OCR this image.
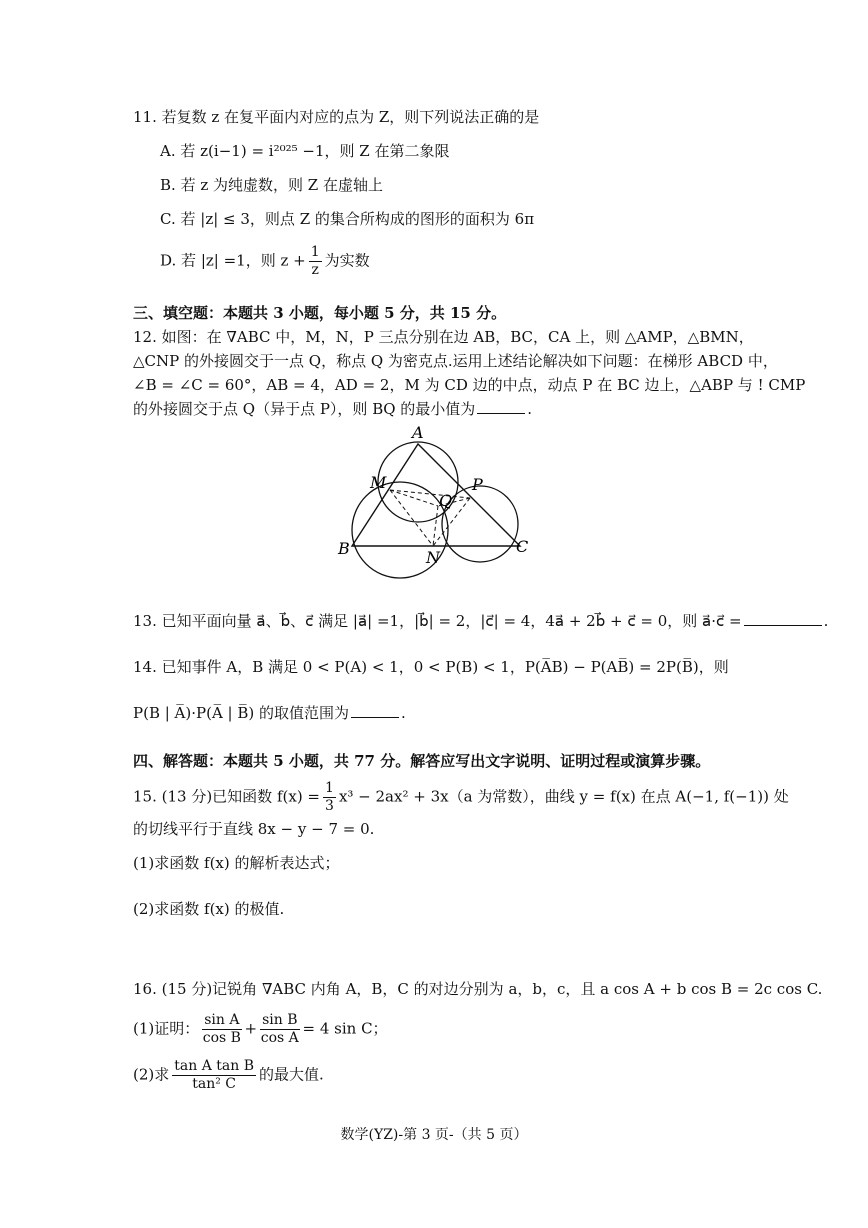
11. 若复数 z 在复平面内对应的点为 Z，则下列说法正确的是
A. 若 z(i−1) = i²⁰²⁵ −1，则 Z 在第二象限
B. 若 z 为纯虚数，则 Z 在虚轴上
C. 若 |z| ≤ 3，则点 Z 的集合所构成的图形的面积为 6π
D. 若 |z| =1，则 $z + \frac{1}{z}$ 为实数
三、填空题：本题共 3 小题，每小题 5 分，共 15 分。
12. 如图：在 ∇ABC 中，M，N，P 三点分别在边 AB，BC，CA 上，则 △AMP，△BMN，
△CNP 的外接圆交于一点 Q，称点 Q 为密克点.运用上述结论解决如下问题：在梯形 ABCD 中，
∠B = ∠C = 60°，AB = 4，AD = 2，M 为 CD 边的中点，动点 P 在 BC 边上，△ABP 与 ! CMP
的外接圆交于点 Q（异于点 P），则 BQ 的最小值为	.
A
M	P
Q
B	N
C
13. 已知平面向量 a⃗、b⃗、c⃗ 满足 |a⃗| =1，|b⃗| = 2，|c⃗| = 4，4a⃗ + 2b⃗ + c⃗ = 0，则 a⃗·c⃗ =	.
14. 已知事件 A，B 满足 0 < P(A) < 1，0 < P(B) < 1，P(A̅B) − P(AB̅) = 2P(B̅)，则
P(B | A̅)·P(A̅ | B̅) 的取值范围为	.
四、解答题：本题共 5 小题，共 77 分。解答应写出文字说明、证明过程或演算步骤。
15. (13 分)已知函数 $f(x) = \frac{1}{3} x^3 - 2ax^2 + 3x(a$ 为常数），曲线 y = f(x) 在点 A(−1, f(−1)) 处
的切线平行于直线 8x − y − 7 = 0.
(1)求函数 f(x) 的解析表达式；
(2)求函数 f(x) 的极值.
16. (15 分)记锐角 ∇ABC 内角 A，B，C 的对边分别为 a，b，c，且 a cos A + b cos B = 2c cos C.
(1)证明： $\frac{\text{sin A}}{\text{cos B}} + \frac{\text{sin B}}{\text{cos A}} = 4$ sin C；
(2)求 $\frac{\text{tan A tan B}}{\text{tan² C}}$ 的最大值.
数学(YZ)-第 3 页-（共 5 页）
